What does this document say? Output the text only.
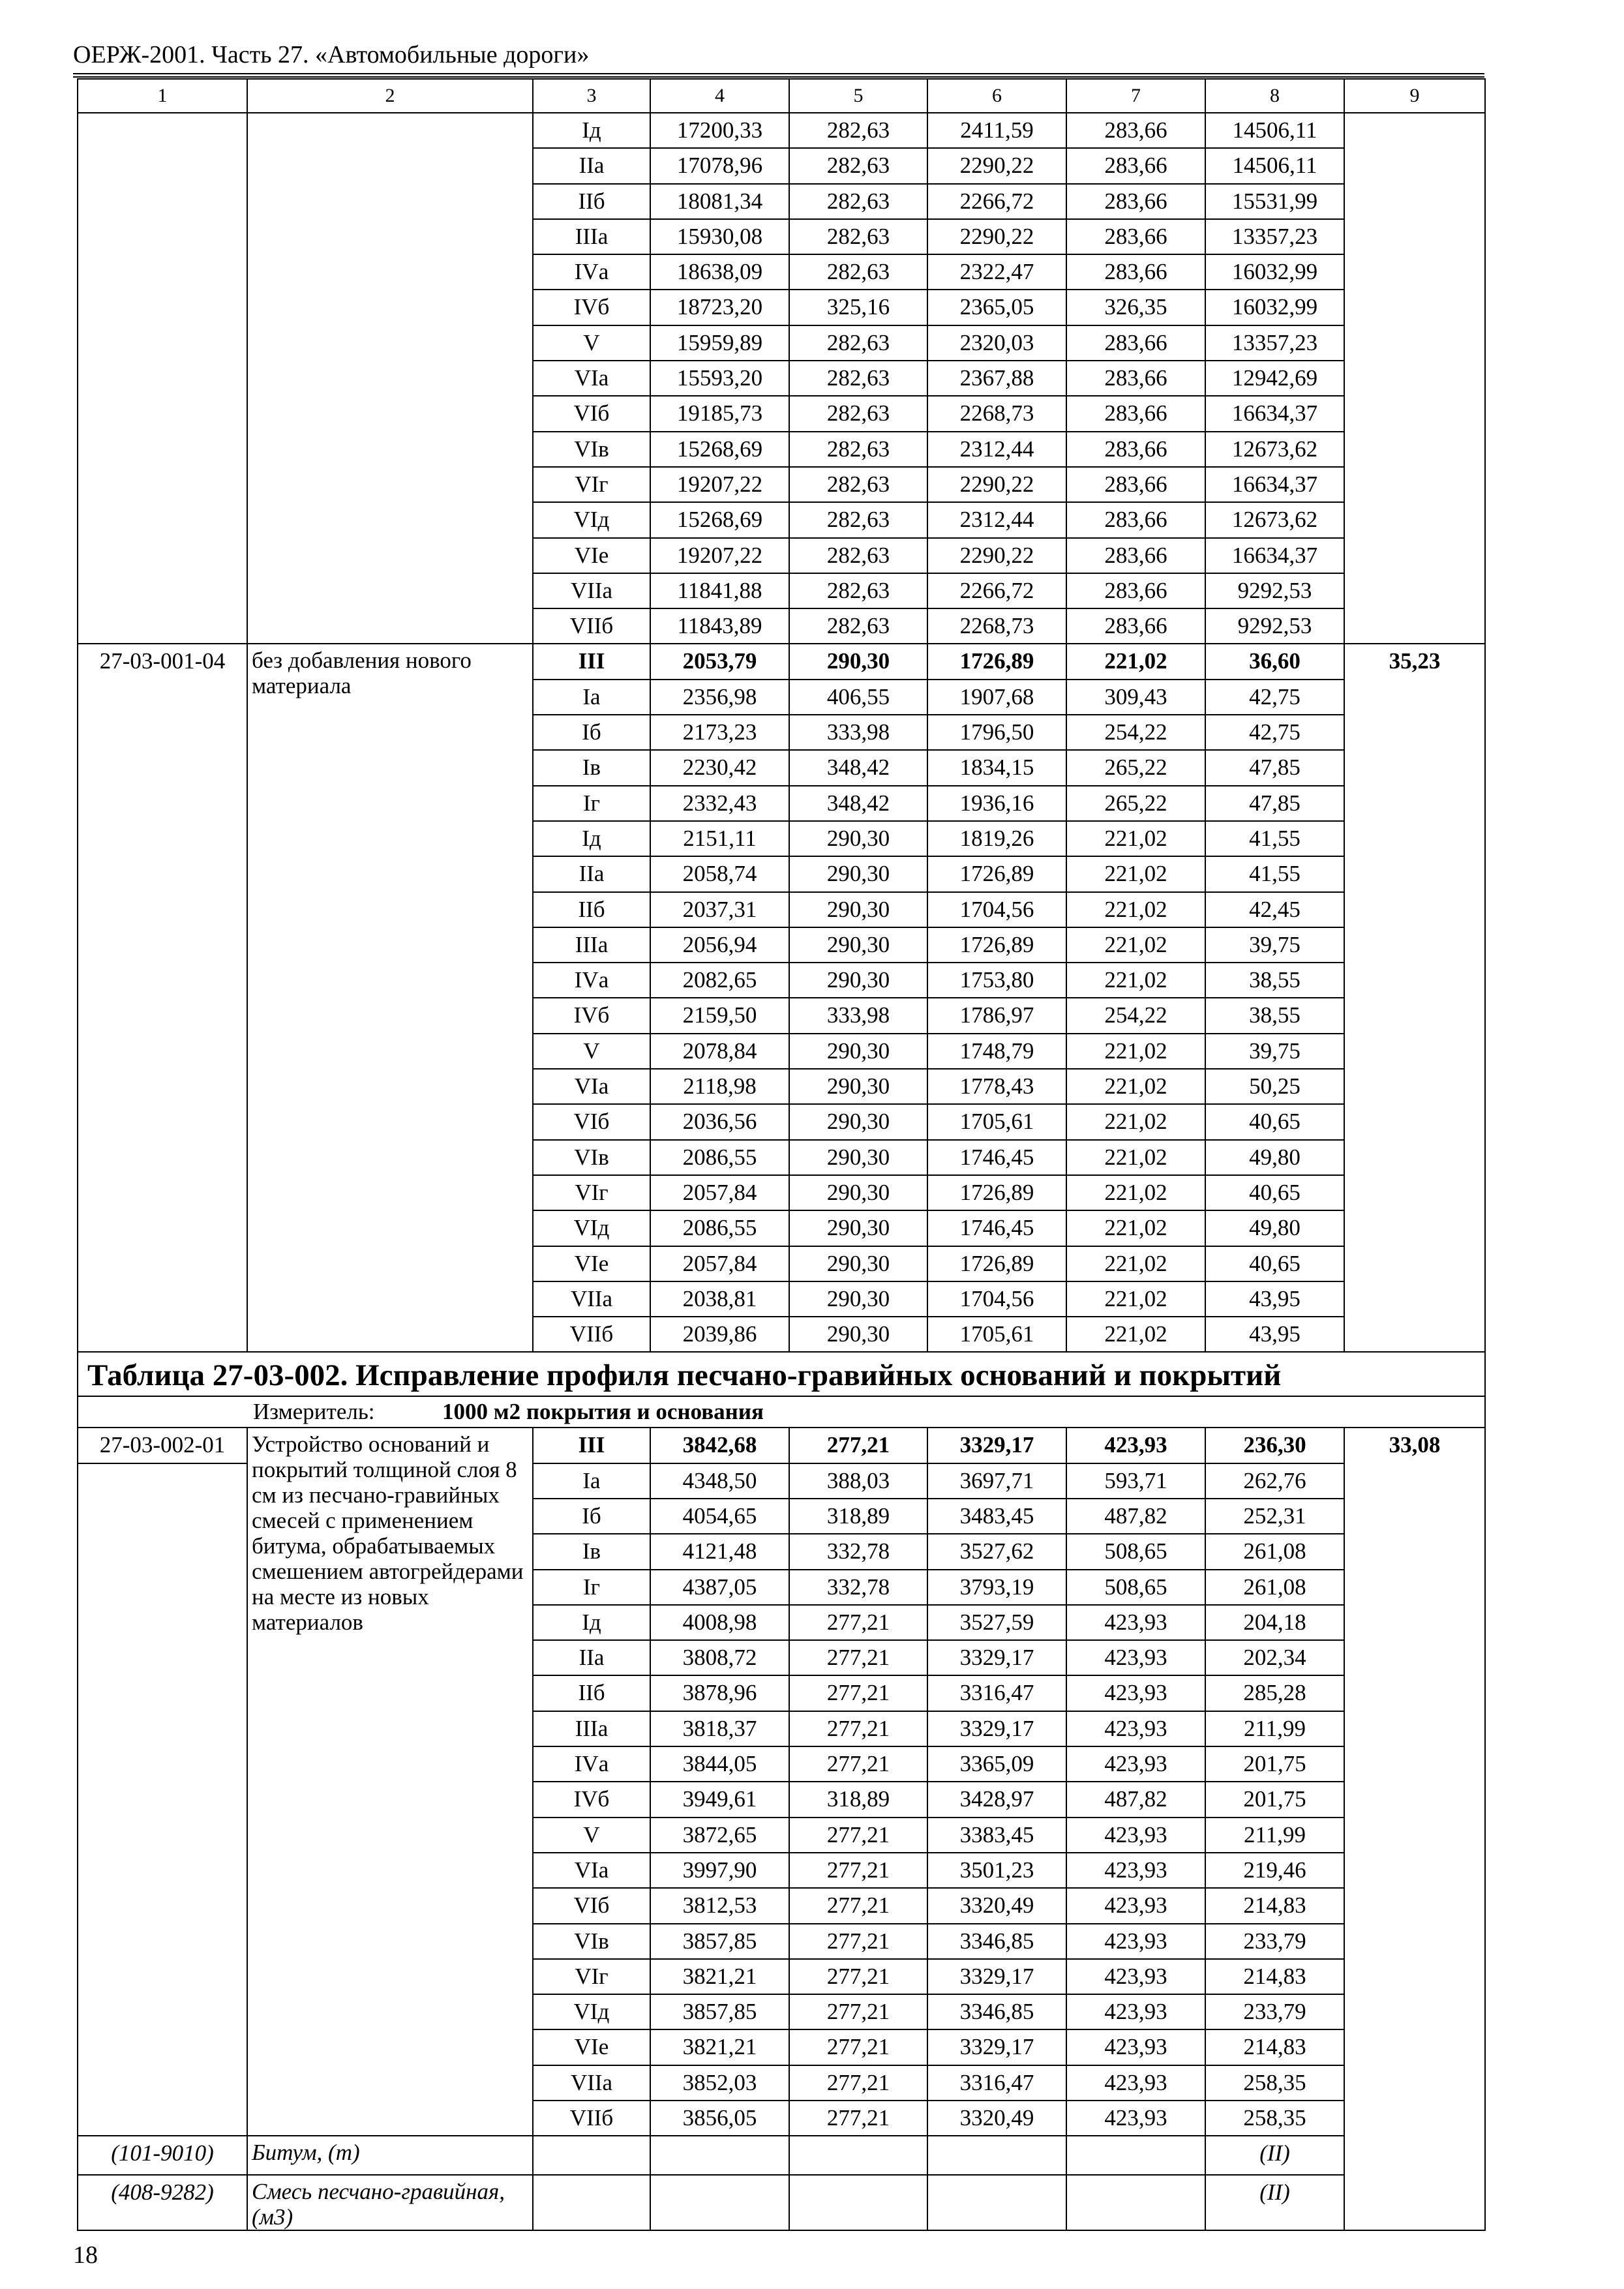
ОЕРЖ-2001. Часть 27. «Автомобильные дороги»
1	2	3	4	5	6	7	8	9
		Iд	17200,33	282,63	2411,59	283,66	14506,11	
		IIа	17078,96	282,63	2290,22	283,66	14506,11	
		IIб	18081,34	282,63	2266,72	283,66	15531,99	
		IIIа	15930,08	282,63	2290,22	283,66	13357,23	
		IVа	18638,09	282,63	2322,47	283,66	16032,99	
		IVб	18723,20	325,16	2365,05	326,35	16032,99	
		V	15959,89	282,63	2320,03	283,66	13357,23	
		VIа	15593,20	282,63	2367,88	283,66	12942,69	
		VIб	19185,73	282,63	2268,73	283,66	16634,37	
		VIв	15268,69	282,63	2312,44	283,66	12673,62	
		VIг	19207,22	282,63	2290,22	283,66	16634,37	
		VIд	15268,69	282,63	2312,44	283,66	12673,62	
		VIе	19207,22	282,63	2290,22	283,66	16634,37	
		VIIа	11841,88	282,63	2266,72	283,66	9292,53	
		VIIб	11843,89	282,63	2268,73	283,66	9292,53	
27-03-001-04	без добавления нового материала	III	2053,79	290,30	1726,89	221,02	36,60	35,23
		Iа	2356,98	406,55	1907,68	309,43	42,75	
		Iб	2173,23	333,98	1796,50	254,22	42,75	
		Iв	2230,42	348,42	1834,15	265,22	47,85	
		Iг	2332,43	348,42	1936,16	265,22	47,85	
		Iд	2151,11	290,30	1819,26	221,02	41,55	
		IIа	2058,74	290,30	1726,89	221,02	41,55	
		IIб	2037,31	290,30	1704,56	221,02	42,45	
		IIIа	2056,94	290,30	1726,89	221,02	39,75	
		IVа	2082,65	290,30	1753,80	221,02	38,55	
		IVб	2159,50	333,98	1786,97	254,22	38,55	
		V	2078,84	290,30	1748,79	221,02	39,75	
		VIа	2118,98	290,30	1778,43	221,02	50,25	
		VIб	2036,56	290,30	1705,61	221,02	40,65	
		VIв	2086,55	290,30	1746,45	221,02	49,80	
		VIг	2057,84	290,30	1726,89	221,02	40,65	
		VIд	2086,55	290,30	1746,45	221,02	49,80	
		VIе	2057,84	290,30	1726,89	221,02	40,65	
		VIIа	2038,81	290,30	1704,56	221,02	43,95	
		VIIб	2039,86	290,30	1705,61	221,02	43,95	
Таблица 27-03-002. Исправление профиля песчано-гравийных оснований и покрытий								
Измеритель: 1000 м2 покрытия и основания								
27-03-002-01	Устройство оснований и покрытий толщиной слоя 8 см из песчано-гравийных смесей с применением битума, обрабатываемых смешением автогрейдерами на месте из новых материалов	III	3842,68	277,21	3329,17	423,93	236,30	33,08
		Iа	4348,50	388,03	3697,71	593,71	262,76	
		Iб	4054,65	318,89	3483,45	487,82	252,31	
		Iв	4121,48	332,78	3527,62	508,65	261,08	
		Iг	4387,05	332,78	3793,19	508,65	261,08	
		Iд	4008,98	277,21	3527,59	423,93	204,18	
		IIа	3808,72	277,21	3329,17	423,93	202,34	
		IIб	3878,96	277,21	3316,47	423,93	285,28	
		IIIа	3818,37	277,21	3329,17	423,93	211,99	
		IVа	3844,05	277,21	3365,09	423,93	201,75	
		IVб	3949,61	318,89	3428,97	487,82	201,75	
		V	3872,65	277,21	3383,45	423,93	211,99	
		VIа	3997,90	277,21	3501,23	423,93	219,46	
		VIб	3812,53	277,21	3320,49	423,93	214,83	
		VIв	3857,85	277,21	3346,85	423,93	233,79	
		VIг	3821,21	277,21	3329,17	423,93	214,83	
		VIд	3857,85	277,21	3346,85	423,93	233,79	
		VIе	3821,21	277,21	3329,17	423,93	214,83	
		VIIа	3852,03	277,21	3316,47	423,93	258,35	
		VIIб	3856,05	277,21	3320,49	423,93	258,35	
(101-9010)	Битум, (т)						(II)	
(408-9282)	Смесь песчано-гравийная, (м3)						(II)	
18
